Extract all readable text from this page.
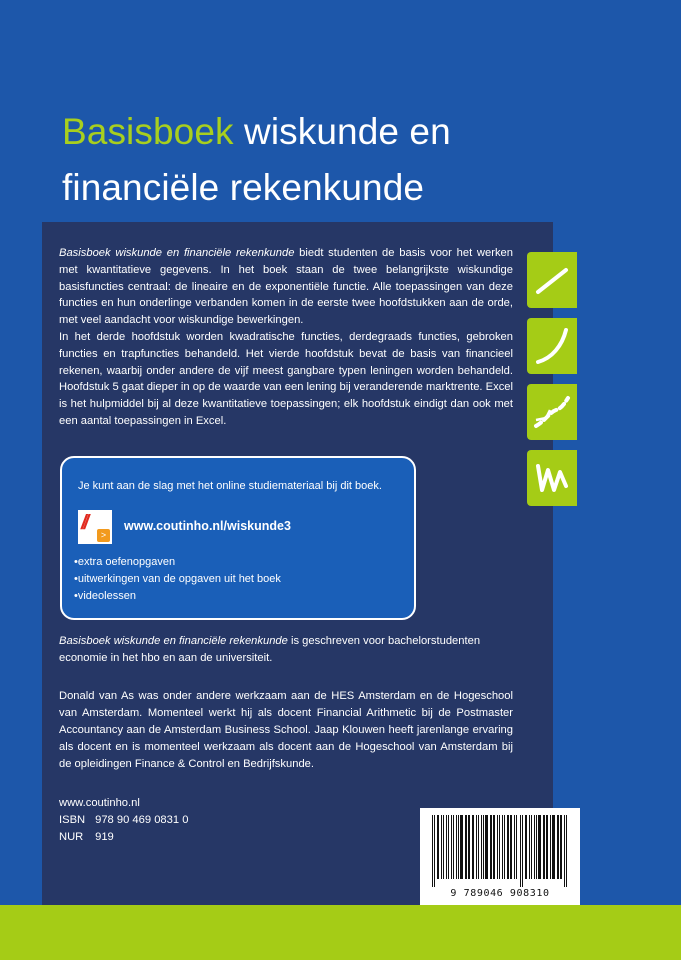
Basisboek wiskunde en
financiële rekenkunde
Basisboek wiskunde en financiële rekenkunde biedt studenten de basis voor het werken met kwantitatieve gegevens. In het boek staan de twee belangrijkste wiskundige basisfuncties centraal: de lineaire en de exponentiële functie. Alle toepassingen van deze functies en hun onderlinge verbanden komen in de eerste twee hoofdstukken aan de orde, met veel aandacht voor wiskundige bewerkingen.
In het derde hoofdstuk worden kwadratische functies, derdegraads functies, gebroken functies en trapfuncties behandeld. Het vierde hoofdstuk bevat de basis van financieel rekenen, waarbij onder andere de vijf meest gangbare typen leningen worden behandeld. Hoofdstuk 5 gaat dieper in op de waarde van een lening bij veranderende marktrente. Excel is het hulpmiddel bij al deze kwantitatieve toepassingen; elk hoofdstuk eindigt dan ook met een aantal toepassingen in Excel.

Je kunt aan de slag met het online studiemateriaal bij dit boek.

//
>

www.coutinho.nl/wiskunde3

• extra oefenopgaven
• uitwerkingen van de opgaven uit het boek
• videolessen

Basisboek wiskunde en financiële rekenkunde is geschreven voor bachelorstudenten economie in het hbo en aan de universiteit.

Donald van As was onder andere werkzaam aan de HES Amsterdam en de Hogeschool van Amsterdam. Momenteel werkt hij als docent Financial Arithmetic bij de Postmaster Accountancy aan de Amsterdam Business School. Jaap Klouwen heeft jarenlange ervaring als docent en is momenteel werkzaam als docent aan de Hogeschool van Amsterdam bij de opleidingen Finance & Control en Bedrijfskunde.

www.coutinho.nl
ISBN 978 90 469 0831 0
NUR 919
9 789046 908310
